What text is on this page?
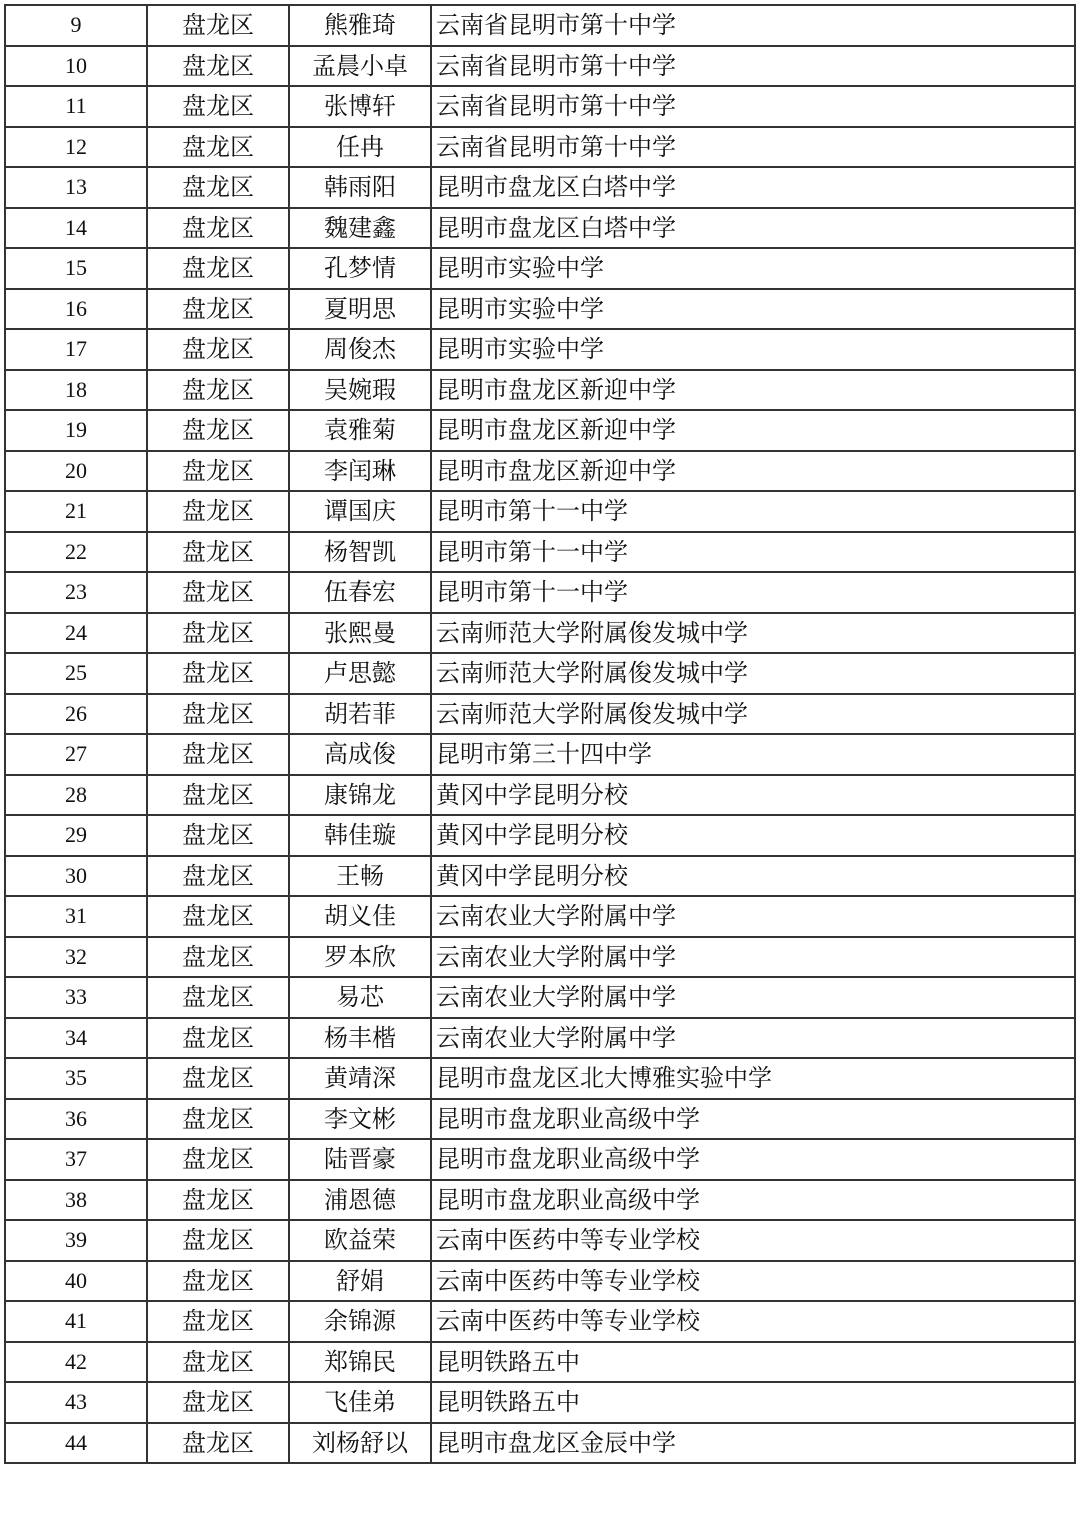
9	盘龙区	熊雅琦	云南省昆明市第十中学
10	盘龙区	孟晨小卓	云南省昆明市第十中学
11	盘龙区	张博轩	云南省昆明市第十中学
12	盘龙区	任冉	云南省昆明市第十中学
13	盘龙区	韩雨阳	昆明市盘龙区白塔中学
14	盘龙区	魏建鑫	昆明市盘龙区白塔中学
15	盘龙区	孔梦情	昆明市实验中学
16	盘龙区	夏明思	昆明市实验中学
17	盘龙区	周俊杰	昆明市实验中学
18	盘龙区	吴婉瑕	昆明市盘龙区新迎中学
19	盘龙区	袁雅菊	昆明市盘龙区新迎中学
20	盘龙区	李闰琳	昆明市盘龙区新迎中学
21	盘龙区	谭国庆	昆明市第十一中学
22	盘龙区	杨智凯	昆明市第十一中学
23	盘龙区	伍春宏	昆明市第十一中学
24	盘龙区	张熙曼	云南师范大学附属俊发城中学
25	盘龙区	卢思懿	云南师范大学附属俊发城中学
26	盘龙区	胡若菲	云南师范大学附属俊发城中学
27	盘龙区	高成俊	昆明市第三十四中学
28	盘龙区	康锦龙	黄冈中学昆明分校
29	盘龙区	韩佳璇	黄冈中学昆明分校
30	盘龙区	王畅	黄冈中学昆明分校
31	盘龙区	胡义佳	云南农业大学附属中学
32	盘龙区	罗本欣	云南农业大学附属中学
33	盘龙区	易芯	云南农业大学附属中学
34	盘龙区	杨丰楷	云南农业大学附属中学
35	盘龙区	黄靖深	昆明市盘龙区北大博雅实验中学
36	盘龙区	李文彬	昆明市盘龙职业高级中学
37	盘龙区	陆晋豪	昆明市盘龙职业高级中学
38	盘龙区	浦恩德	昆明市盘龙职业高级中学
39	盘龙区	欧益荣	云南中医药中等专业学校
40	盘龙区	舒娟	云南中医药中等专业学校
41	盘龙区	余锦源	云南中医药中等专业学校
42	盘龙区	郑锦民	昆明铁路五中
43	盘龙区	飞佳弟	昆明铁路五中
44	盘龙区	刘杨舒以	昆明市盘龙区金辰中学
